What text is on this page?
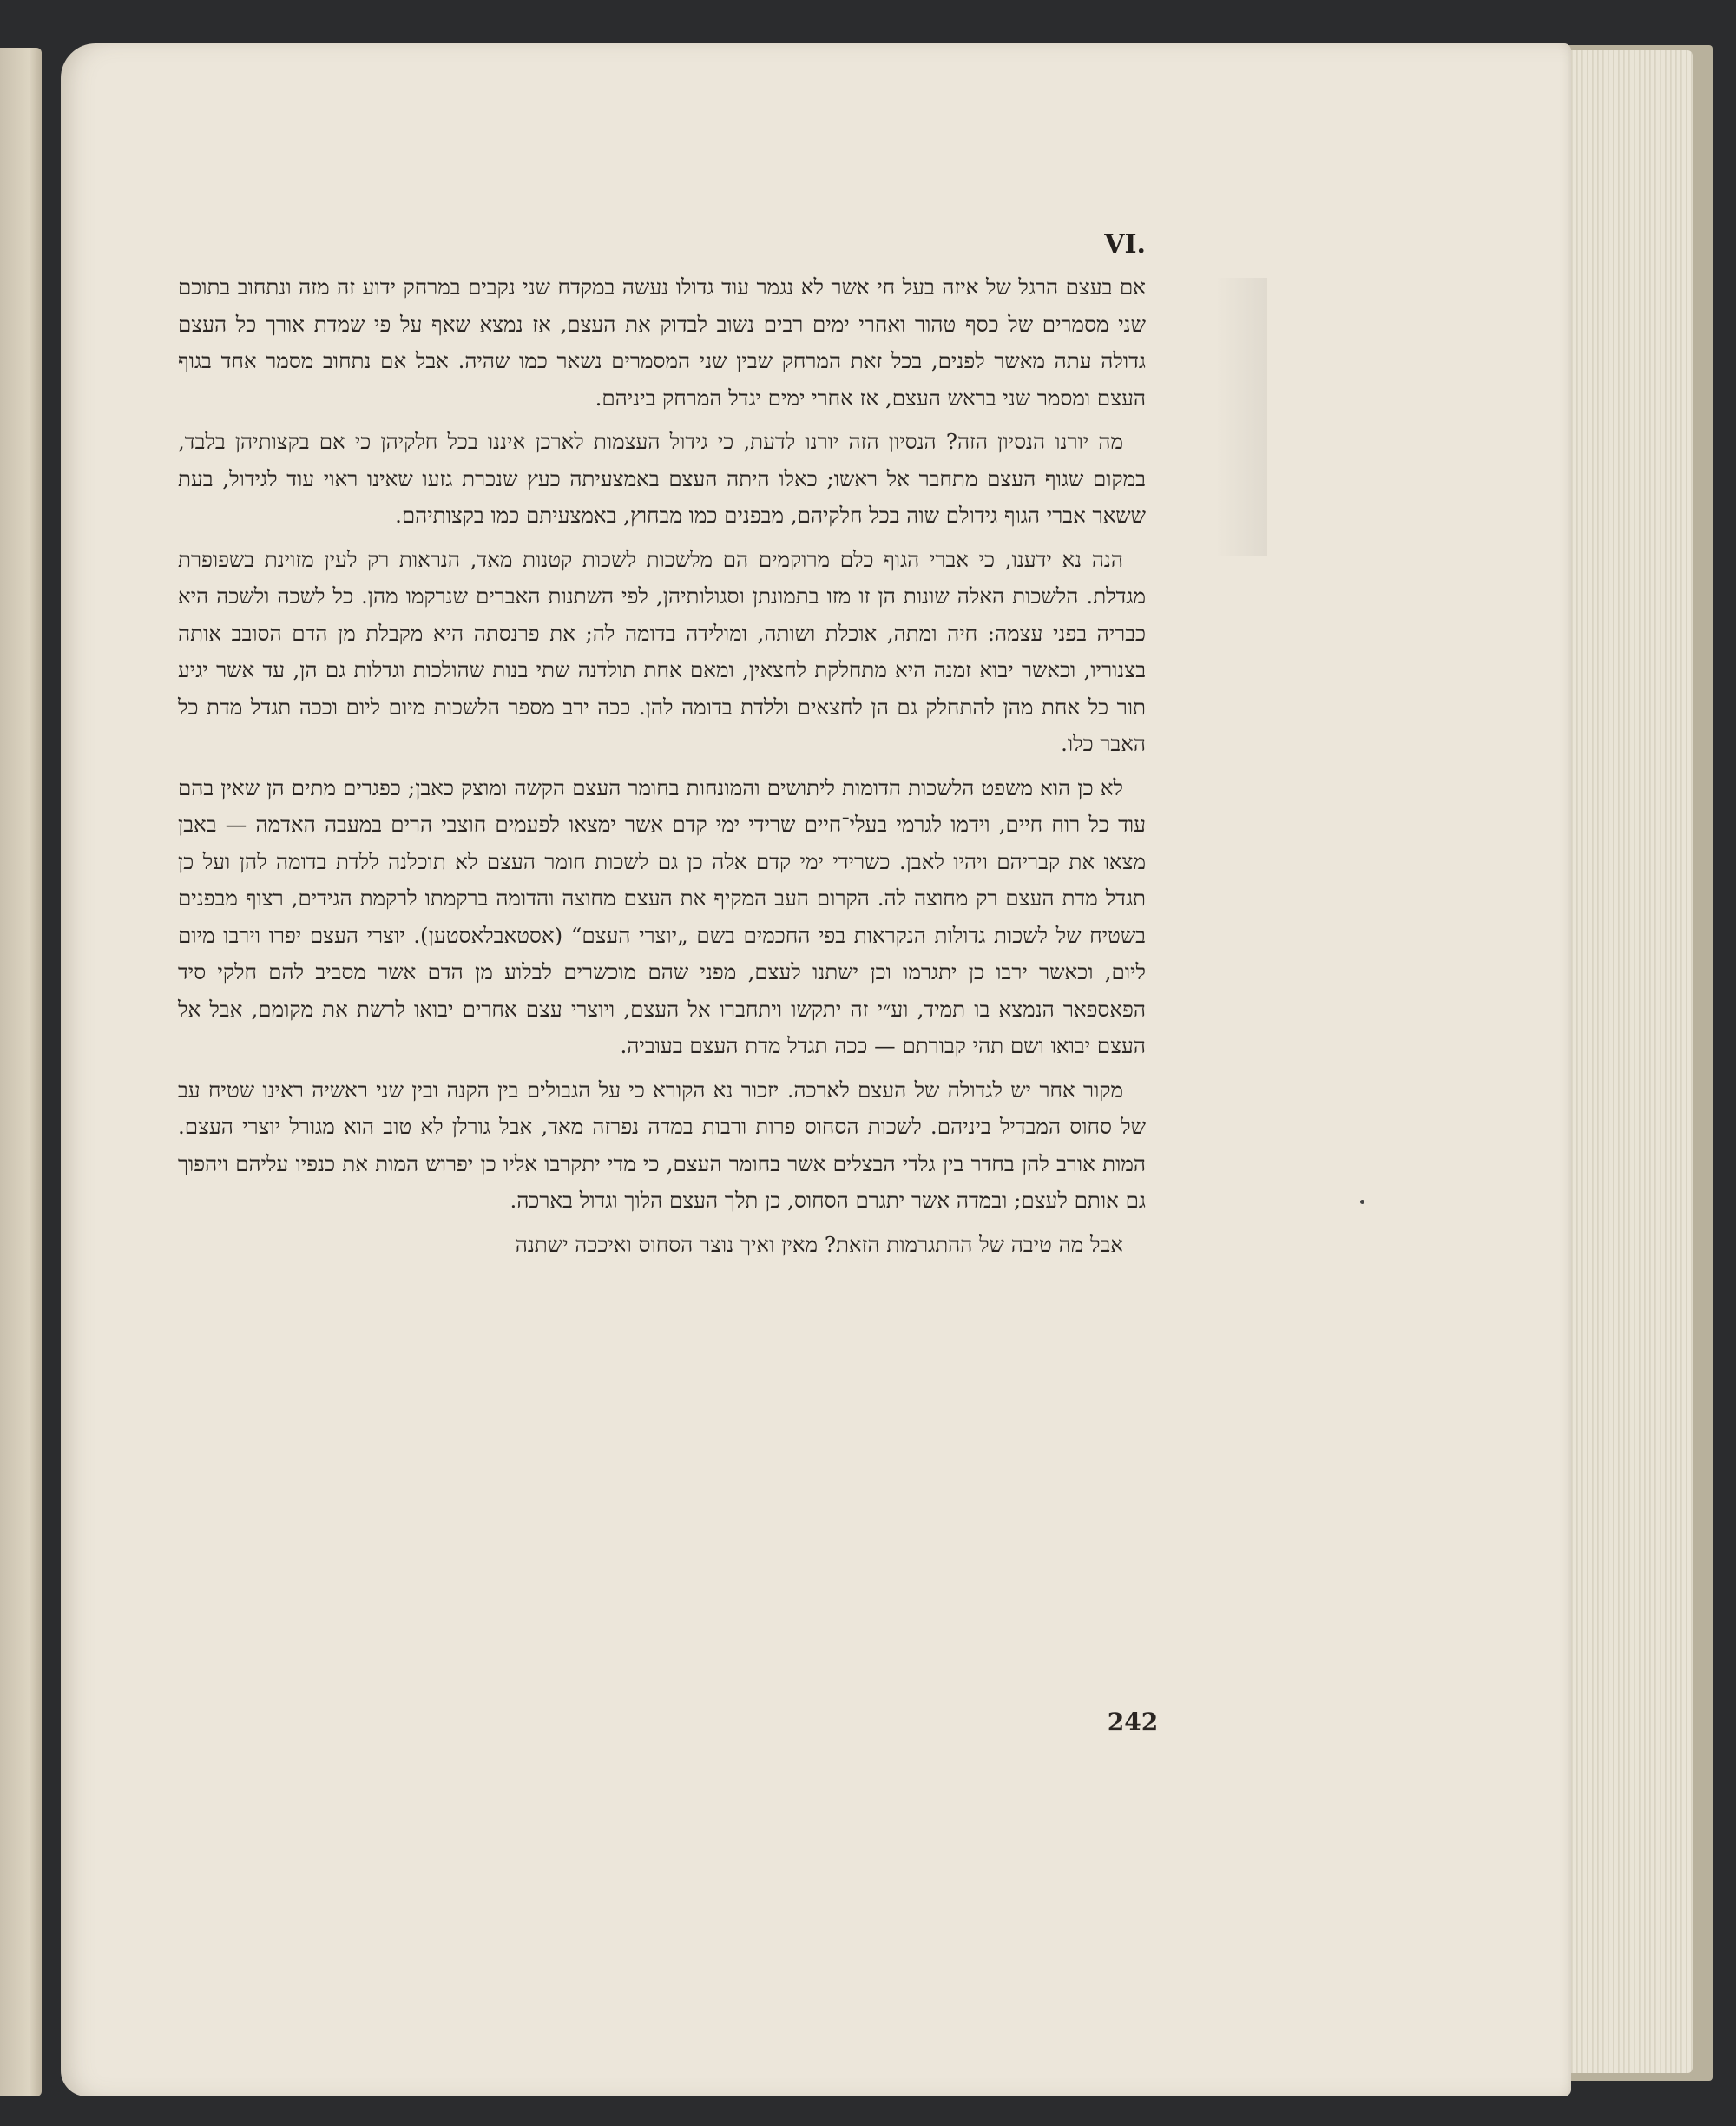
VI.

אם בעצם הרגל של איזה בעל חי אשר לא נגמר עוד גדולו נעשה במקדח שני נקבים במרחק ידוע זה מזה ונתחוב בתוכם שני מסמרים של כסף טהור ואחרי ימים רבים נשוב לבדוק את העצם, אז נמצא שאף על פי שמדת אורך כל העצם גדולה עתה מאשר לפנים, בכל זאת המרחק שבין שני המסמרים נשאר כמו שהיה. אבל אם נתחוב מסמר אחד בגוף העצם ומסמר שני בראש העצם, אז אחרי ימים יגדל המרחק ביניהם.

מה יורנו הנסיון הזה? הנסיון הזה יורנו לדעת, כי גידול העצמות לארכן איננו בכל חלקיהן כי אם בקצותיהן בלבד, במקום שגוף העצם מתחבר אל ראשו; כאלו היתה העצם באמצעיתה כעץ שנכרת גזעו שאינו ראוי עוד לגידול, בעת ששאר אברי הגוף גידולם שוה בכל חלקיהם, מבפנים כמו מבחוץ, באמצעיתם כמו בקצותיהם.

הנה נא ידענו, כי אברי הגוף כלם מרוקמים הם מלשכות לשכות קטנות מאד, הנראות רק לעין מזוינת בשפופרת מגדלת. הלשכות האלה שונות הן זו מזו בתמונתן וסגולותיהן, לפי השתנות האברים שנרקמו מהן. כל לשכה ולשכה היא כבריה בפני עצמה: חיה ומתה, אוכלת ושותה, ומולידה בדומה לה; את פרנסתה היא מקבלת מן הדם הסובב אותה בצנוריו, וכאשר יבוא זמנה היא מתחלקת לחצאין, ומאם אחת תולדנה שתי בנות שהולכות וגדלות גם הן, עד אשר יגיע תור כל אחת מהן להתחלק גם הן לחצאים וללדת בדומה להן. ככה ירב מספר הלשכות מיום ליום וככה תגדל מדת כל האבר כלו.

לא כן הוא משפט הלשכות הדומות ליתושים והמונחות בחומר העצם הקשה ומוצק כאבן; כפגרים מתים הן שאין בהם עוד כל רוח חיים, וידמו לגרמי בעלי־חיים שרידי ימי קדם אשר ימצאו לפעמים חוצבי הרים במעבה האדמה — באבן מצאו את קבריהם ויהיו לאבן. כשרידי ימי קדם אלה כן גם לשכות חומר העצם לא תוכלנה ללדת בדומה להן ועל כן תגדל מדת העצם רק מחוצה לה. הקרום העב המקיף את העצם מחוצה והדומה ברקמתו לרקמת הגידים, רצוף מבפנים בשטיח של לשכות גדולות הנקראות בפי החכמים בשם „יוצרי העצם“ (אסטאבלאסטען). יוצרי העצם יפרו וירבו מיום ליום, וכאשר ירבו כן יתגרמו וכן ישתנו לעצם, מפני שהם מוכשרים לבלוע מן הדם אשר מסביב להם חלקי סיד הפאספאר הנמצא בו תמיד, וע״י זה יתקשו ויתחברו אל העצם, ויוצרי עצם אחרים יבואו לרשת את מקומם, אבל אל העצם יבואו ושם תהי קבורתם — ככה תגדל מדת העצם בעוביה.

מקור אחר יש לגדולה של העצם לארכה. יזכור נא הקורא כי על הגבולים בין הקנה ובין שני ראשיה ראינו שטיח עב של סחוס המבדיל ביניהם. לשכות הסחוס פרות ורבות במדה נפרזה מאד, אבל גורלן לא טוב הוא מגורל יוצרי העצם. המות אורב להן בחדר בין גלדי הבצלים אשר בחומר העצם, כי מדי יתקרבו אליו כן יפרוש המות את כנפיו עליהם ויהפוך גם אותם לעצם; ובמדה אשר יתגרם הסחוס, כן תלך העצם הלוך וגדול בארכה.

אבל מה טיבה של ההתגרמות הזאת? מאין ואיך נוצר הסחוס ואיככה ישתנה

242
